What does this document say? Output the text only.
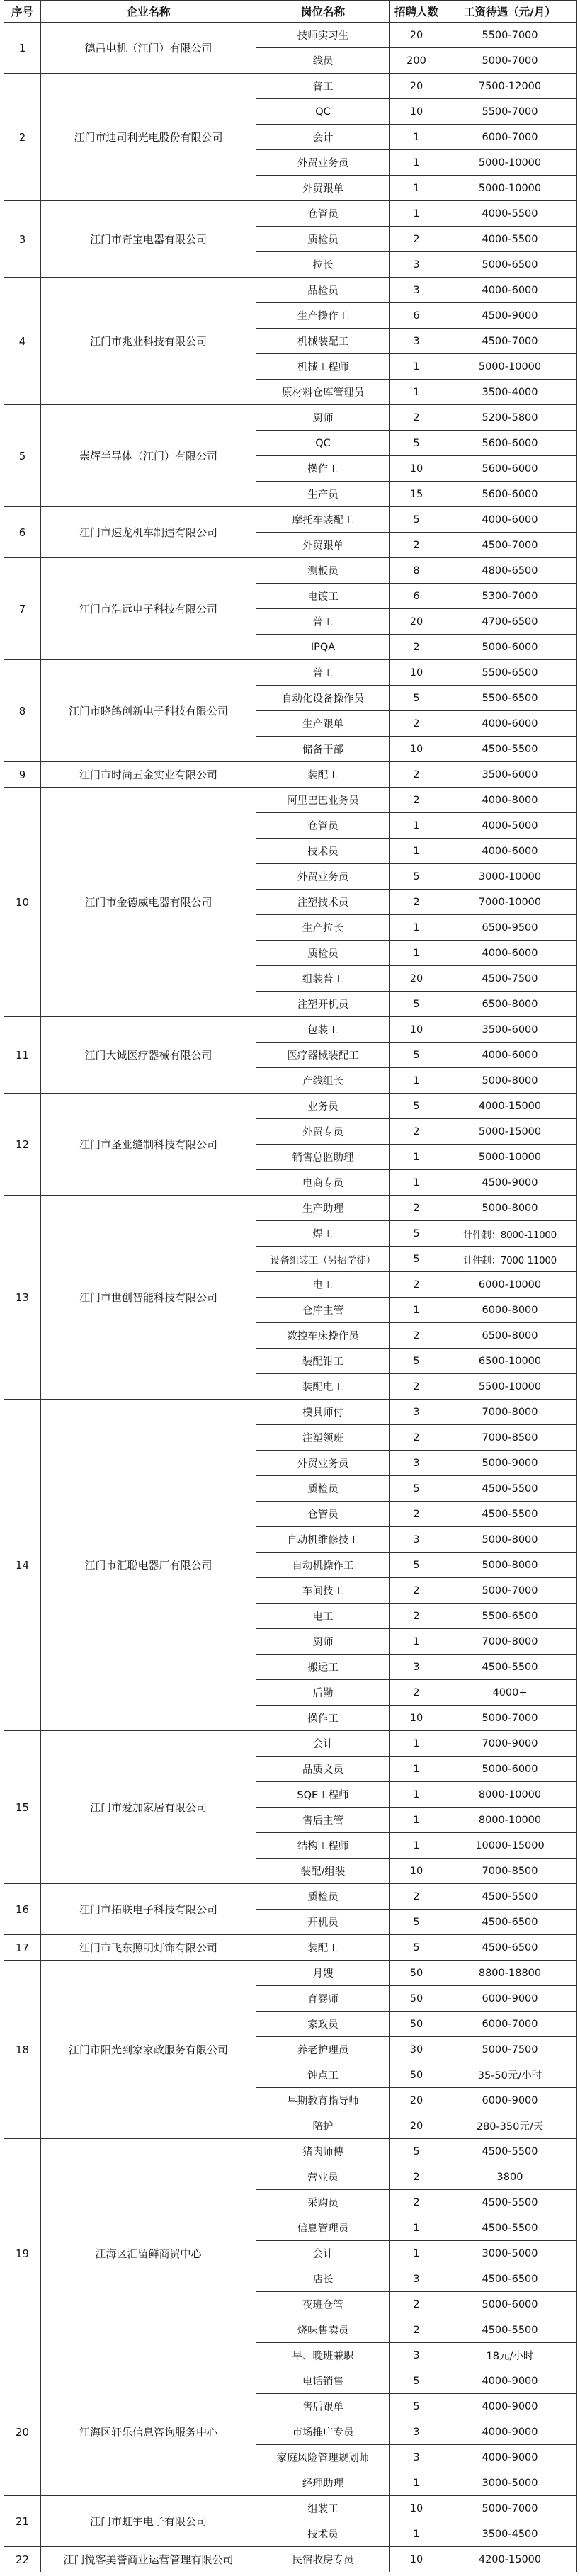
序号	企业名称	岗位名称	招聘人数	工资待遇（元/月）
1	德昌电机（江门）有限公司	技师实习生	20	5500-7000
		线员	200	5000-7000
2	江门市迪司利光电股份有限公司	普工	20	7500-12000
		QC	10	5500-7000
		会计	1	6000-7000
		外贸业务员	1	5000-10000
		外贸跟单	1	5000-10000
3	江门市奇宝电器有限公司	仓管员	1	4000-5500
		质检员	2	4000-5500
		拉长	3	5000-6500
4	江门市兆业科技有限公司	品检员	3	4000-6000
		生产操作工	6	4500-9000
		机械装配工	3	4500-7000
		机械工程师	1	5000-10000
		原材料仓库管理员	1	3500-4000
5	崇辉半导体（江门）有限公司	厨师	2	5200-5800
		QC	5	5600-6000
		操作工	10	5600-6000
		生产员	15	5600-6000
6	江门市速龙机车制造有限公司	摩托车装配工	5	4000-6000
		外贸跟单	2	4500-7000
7	江门市浩远电子科技有限公司	测板员	8	4800-6500
		电镀工	6	5300-7000
		普工	20	4700-6500
		IPQA	2	5000-6000
8	江门市晓鸽创新电子科技有限公司	普工	10	5500-6500
		自动化设备操作员	5	5500-6500
		生产跟单	2	4000-6000
		储备干部	10	4500-5500
9	江门市时尚五金实业有限公司	装配工	2	3500-6000
10	江门市金德威电器有限公司	阿里巴巴业务员	2	4000-8000
		仓管员	1	4000-5000
		技术员	1	4000-6000
		外贸业务员	5	3000-10000
		注塑技术员	2	7000-10000
		生产拉长	1	6500-9500
		质检员	1	4000-6000
		组装普工	20	4500-7500
		注塑开机员	5	6500-8000
11	江门大诚医疗器械有限公司	包装工	10	3500-6000
		医疗器械装配工	5	4000-6000
		产线组长	1	5000-8000
12	江门市圣亚缝制科技有限公司	业务员	5	4000-15000
		外贸专员	2	5000-15000
		销售总监助理	1	5000-10000
		电商专员	1	4500-9000
13	江门市世创智能科技有限公司	生产助理	2	5000-8000
		焊工	5	计件制：8000-11000
		设备组装工（另招学徒）	5	计件制：7000-11000
		电工	2	6000-10000
		仓库主管	1	6000-8000
		数控车床操作员	2	6500-8000
		装配钳工	5	6500-10000
		装配电工	2	5500-10000
14	江门市汇聪电器厂有限公司	模具师付	3	7000-8000
		注塑领班	2	7000-8500
		外贸业务员	3	5000-9000
		质检员	5	4500-5500
		仓管员	2	4500-5500
		自动机维修技工	3	5000-8000
		自动机操作工	5	5000-8000
		车间技工	2	5000-7000
		电工	2	5500-6500
		厨师	1	7000-8000
		搬运工	3	4500-5500
		后勤	2	4000+
		操作工	10	5000-7000
15	江门市爱加家居有限公司	会计	1	7000-9000
		品质文员	1	5000-6000
		SQE工程师	1	8000-10000
		售后主管	1	8000-10000
		结构工程师	1	10000-15000
		装配/组装	10	7000-8500
16	江门市拓联电子科技有限公司	质检员	2	4500-5500
		开机员	5	4500-6500
17	江门市飞东照明灯饰有限公司	装配工	5	4500-6500
18	江门市阳光到家家政服务有限公司	月嫂	50	8800-18800
		育婴师	50	6000-9000
		家政员	50	6000-7000
		养老护理员	30	5000-7500
		钟点工	50	35-50元/小时
		早期教育指导师	20	6000-9000
		陪护	20	280-350元/天
19	江海区汇留鲜商贸中心	猪肉师傅	5	4500-5500
		营业员	2	3800
		采购员	2	4500-5500
		信息管理员	1	4500-5500
		会计	1	3000-5000
		店长	3	4500-6500
		夜班仓管	2	5000-6000
		烧味售卖员	2	4500-5500
		早、晚班兼职	3	18元/小时
20	江海区轩乐信息咨询服务中心	电话销售	5	4000-9000
		售后跟单	5	4000-9000
		市场推广专员	3	4000-9000
		家庭风险管理规划师	3	4000-9000
		经理助理	1	3000-5000
21	江门市虹宇电子有限公司	组装工	10	5000-7000
		技术员	1	3500-4500
22	江门悦客美誉商业运营管理有限公司	民宿收房专员	10	4200-15000
